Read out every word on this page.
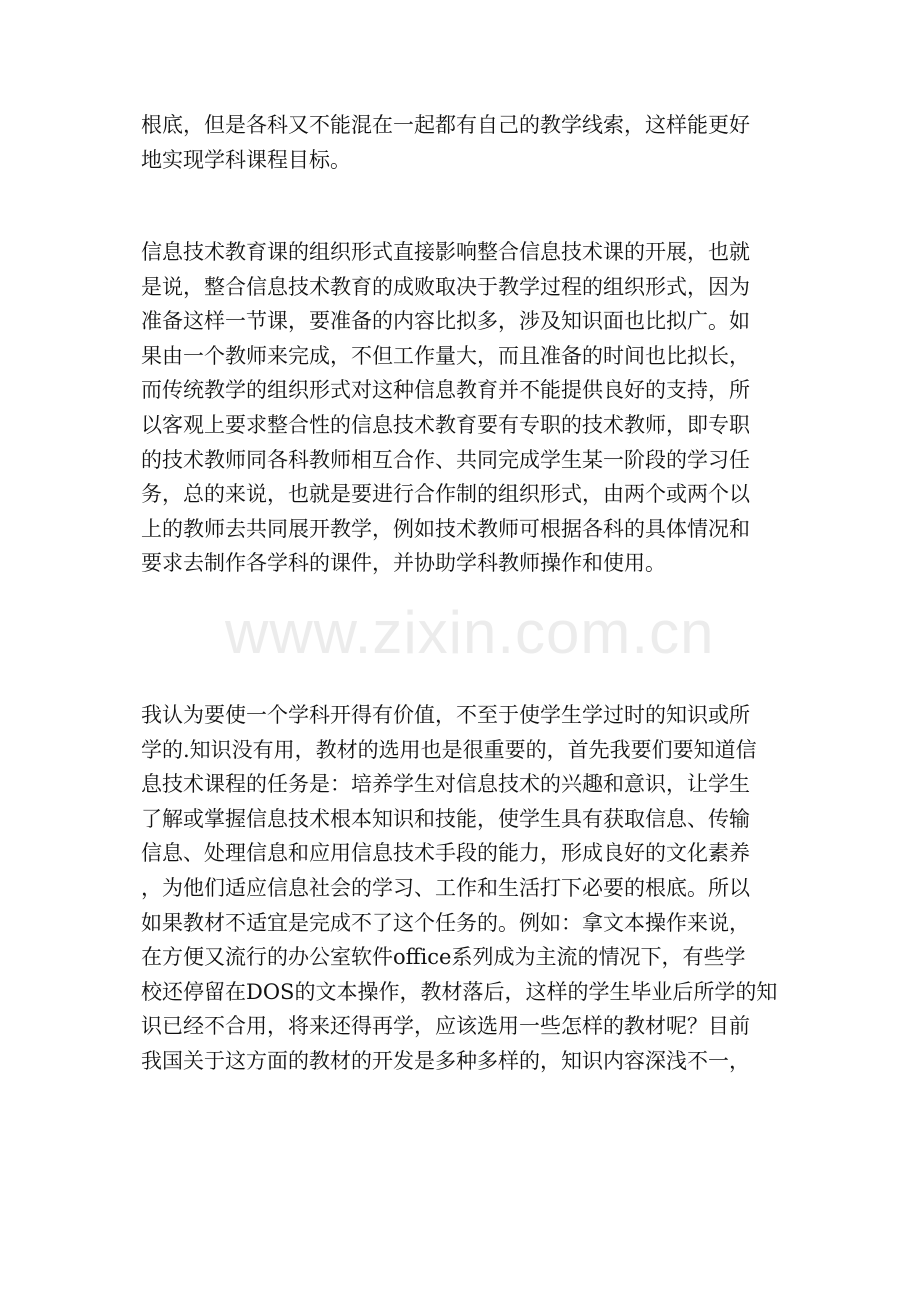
根底，但是各科又不能混在一起都有自己的教学线索，这样能更好
地实现学科课程目标。
信息技术教育课的组织形式直接影响整合信息技术课的开展，也就
是说，整合信息技术教育的成败取决于教学过程的组织形式，因为
准备这样一节课，要准备的内容比拟多，涉及知识面也比拟广。如
果由一个教师来完成，不但工作量大，而且准备的时间也比拟长，
而传统教学的组织形式对这种信息教育并不能提供良好的支持，所
以客观上要求整合性的信息技术教育要有专职的技术教师，即专职
的技术教师同各科教师相互合作、共同完成学生某一阶段的学习任
务，总的来说，也就是要进行合作制的组织形式，由两个或两个以
上的教师去共同展开教学，例如技术教师可根据各科的具体情况和
要求去制作各学科的课件，并协助学科教师操作和使用。
我认为要使一个学科开得有价值，不至于使学生学过时的知识或所
学的.知识没有用，教材的选用也是很重要的，首先我要们要知道信
息技术课程的任务是：培养学生对信息技术的兴趣和意识，让学生
了解或掌握信息技术根本知识和技能，使学生具有获取信息、传输
信息、处理信息和应用信息技术手段的能力，形成良好的文化素养
，为他们适应信息社会的学习、工作和生活打下必要的根底。所以
如果教材不适宜是完成不了这个任务的。例如：拿文本操作来说，
在方便又流行的办公室软件office系列成为主流的情况下，有些学
校还停留在DOS的文本操作，教材落后，这样的学生毕业后所学的知
识已经不合用，将来还得再学，应该选用一些怎样的教材呢？目前
我国关于这方面的教材的开发是多种多样的，知识内容深浅不一，
www.zixin.com.cn
